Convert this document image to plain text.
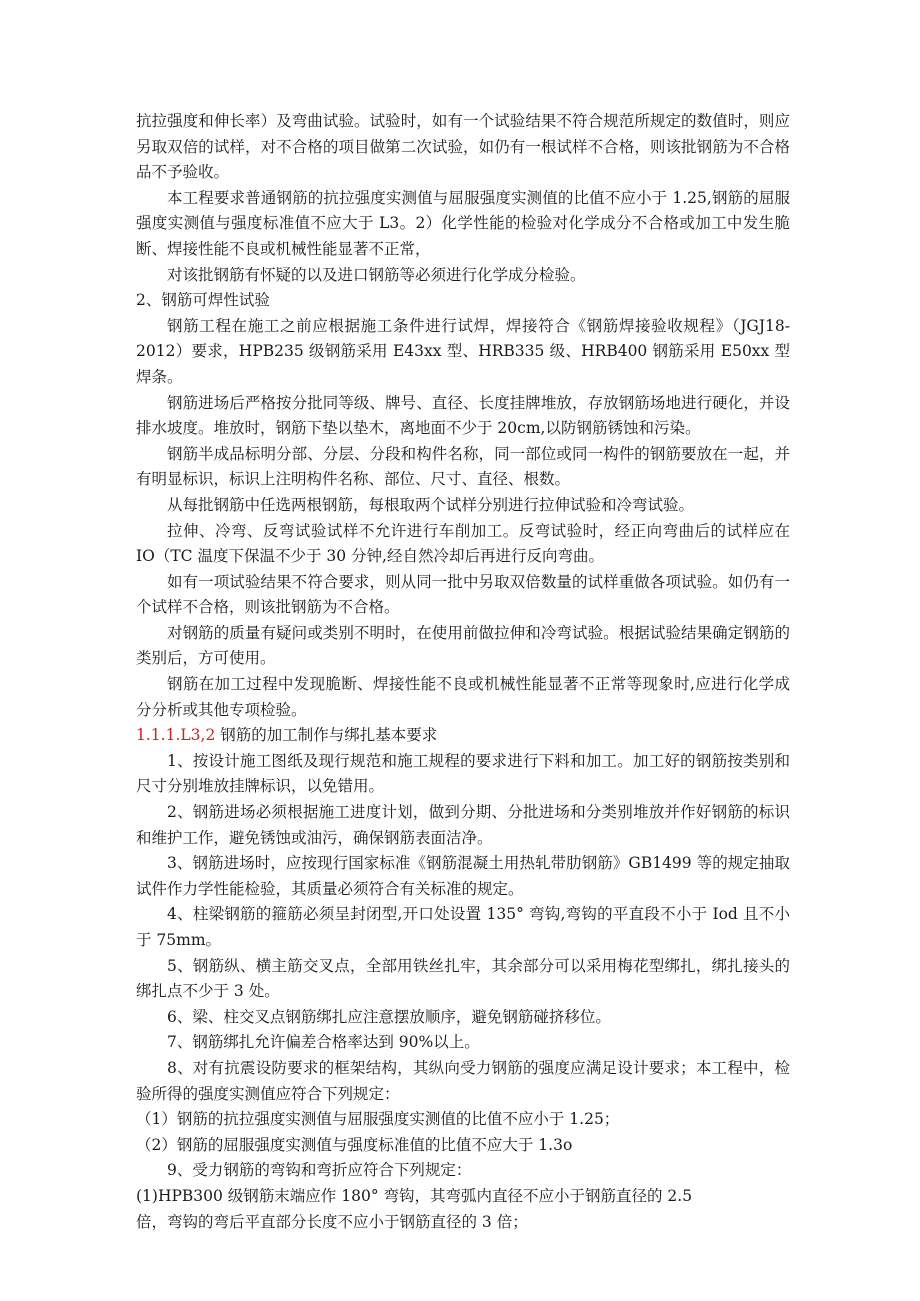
抗拉强度和伸长率）及弯曲试验。试验时，如有一个试验结果不符合规范所规定的数值时，则应另取双倍的试样，对不合格的项目做第二次试验，如仍有一根试样不合格，则该批钢筋为不合格品不予验收。

本工程要求普通钢筋的抗拉强度实测值与屈服强度实测值的比值不应小于 1.25,钢筋的屈服强度实测值与强度标准值不应大于 L3。2）化学性能的检验对化学成分不合格或加工中发生脆断、焊接性能不良或机械性能显著不正常，

对该批钢筋有怀疑的以及进口钢筋等必须进行化学成分检验。

2、钢筋可焊性试验

钢筋工程在施工之前应根据施工条件进行试焊，焊接符合《钢筋焊接验收规程》（JGJ18-2012）要求，HPB235 级钢筋采用 E43xx 型、HRB335 级、HRB400 钢筋采用 E50xx 型焊条。

钢筋进场后严格按分批同等级、牌号、直径、长度挂牌堆放，存放钢筋场地进行硬化，并设排水坡度。堆放时，钢筋下垫以垫木，离地面不少于 20cm,以防钢筋锈蚀和污染。

钢筋半成品标明分部、分层、分段和构件名称，同一部位或同一构件的钢筋要放在一起，并有明显标识，标识上注明构件名称、部位、尺寸、直径、根数。

从每批钢筋中任选两根钢筋，每根取两个试样分别进行拉伸试验和冷弯试验。

拉伸、冷弯、反弯试验试样不允许进行车削加工。反弯试验时，经正向弯曲后的试样应在 IO（TC 温度下保温不少于 30 分钟,经自然冷却后再进行反向弯曲。

如有一项试验结果不符合要求，则从同一批中另取双倍数量的试样重做各项试验。如仍有一个试样不合格，则该批钢筋为不合格。

对钢筋的质量有疑问或类别不明时，在使用前做拉伸和冷弯试验。根据试验结果确定钢筋的类别后，方可使用。

钢筋在加工过程中发现脆断、焊接性能不良或机械性能显著不正常等现象时,应进行化学成分分析或其他专项检验。

1.1.1.L3,2 钢筋的加工制作与绑扎基本要求

1、按设计施工图纸及现行规范和施工规程的要求进行下料和加工。加工好的钢筋按类别和尺寸分别堆放挂牌标识，以免错用。

2、钢筋进场必须根据施工进度计划，做到分期、分批进场和分类别堆放并作好钢筋的标识和维护工作，避免锈蚀或油污，确保钢筋表面洁净。

3、钢筋进场时，应按现行国家标准《钢筋混凝土用热轧带肋钢筋》GB1499 等的规定抽取试件作力学性能检验，其质量必须符合有关标准的规定。

4、柱梁钢筋的箍筋必须呈封闭型,开口处设置 135° 弯钩,弯钩的平直段不小于 Iod 且不小于 75mm。

5、钢筋纵、横主筋交叉点，全部用铁丝扎牢，其余部分可以采用梅花型绑扎，绑扎接头的绑扎点不少于 3 处。

6、梁、柱交叉点钢筋绑扎应注意摆放顺序，避免钢筋碰挤移位。

7、钢筋绑扎允许偏差合格率达到 90%以上。

8、对有抗震设防要求的框架结构，其纵向受力钢筋的强度应满足设计要求；本工程中，检验所得的强度实测值应符合下列规定：

（1）钢筋的抗拉强度实测值与屈服强度实测值的比值不应小于 1.25；

（2）钢筋的屈服强度实测值与强度标准值的比值不应大于 1.3o

9、受力钢筋的弯钩和弯折应符合下列规定：

(1)HPB300 级钢筋末端应作 180° 弯钩，其弯弧内直径不应小于钢筋直径的 2.5

倍，弯钩的弯后平直部分长度不应小于钢筋直径的 3 倍；
